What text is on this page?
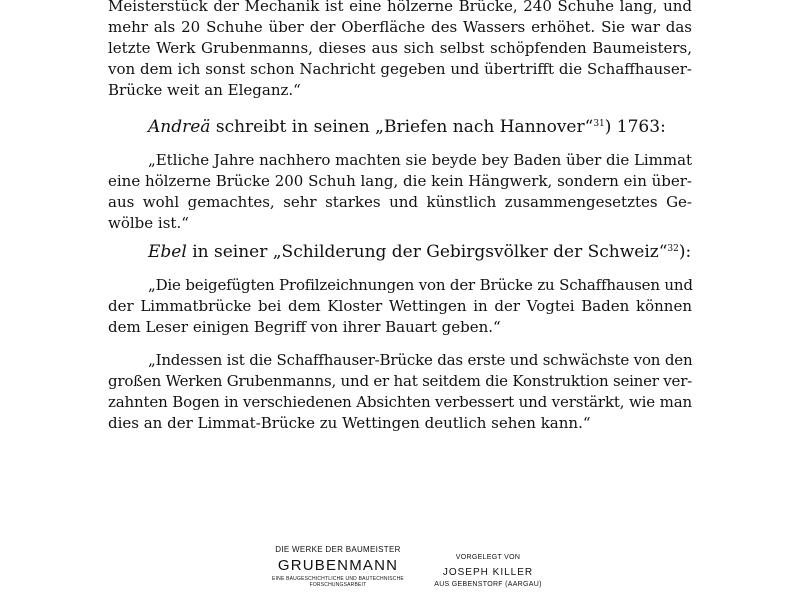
Meisterstück der Mechanik ist eine hölzerne Brücke, 240 Schuhe lang, und
mehr als 20 Schuhe über der Oberfläche des Wassers erhöhet. Sie war das
letzte Werk Grubenmanns, dieses aus sich selbst schöpfenden Baumeisters,
von dem ich sonst schon Nachricht gegeben und übertrifft die Schaffhauser-
Brücke weit an Eleganz.“
Andreä schreibt in seinen „Briefen nach Hannover“$^{31}$) 1763:
„Etliche Jahre nachhero machten sie beyde bey Baden über die Limmat
eine hölzerne Brücke 200 Schuh lang, die kein Hängwerk, sondern ein über-
aus wohl gemachtes, sehr starkes und künstlich zusammengesetztes Ge-
wölbe ist.“
Ebel in seiner „Schilderung der Gebirgsvölker der Schweiz“$^{32}$):
„Die beigefügten Profilzeichnungen von der Brücke zu Schaffhausen und
der Limmatbrücke bei dem Kloster Wettingen in der Vogtei Baden können
dem Leser einigen Begriff von ihrer Bauart geben.“
„Indessen ist die Schaffhauser-Brücke das erste und schwächste von den
großen Werken Grubenmanns, und er hat seitdem die Konstruktion seiner ver-
zahnten Bogen in verschiedenen Absichten verbessert und verstärkt, wie man
dies an der Limmat-Brücke zu Wettingen deutlich sehen kann.“
DIE WERKE DER BAUMEISTER
GRUBENMANN
EINE BAUGESCHICHTLICHE UND BAUTECHNISCHE
FORSCHUNGSARBEIT
VORGELEGT VON
JOSEPH KILLER
AUS GEBENSTORF (AARGAU)
